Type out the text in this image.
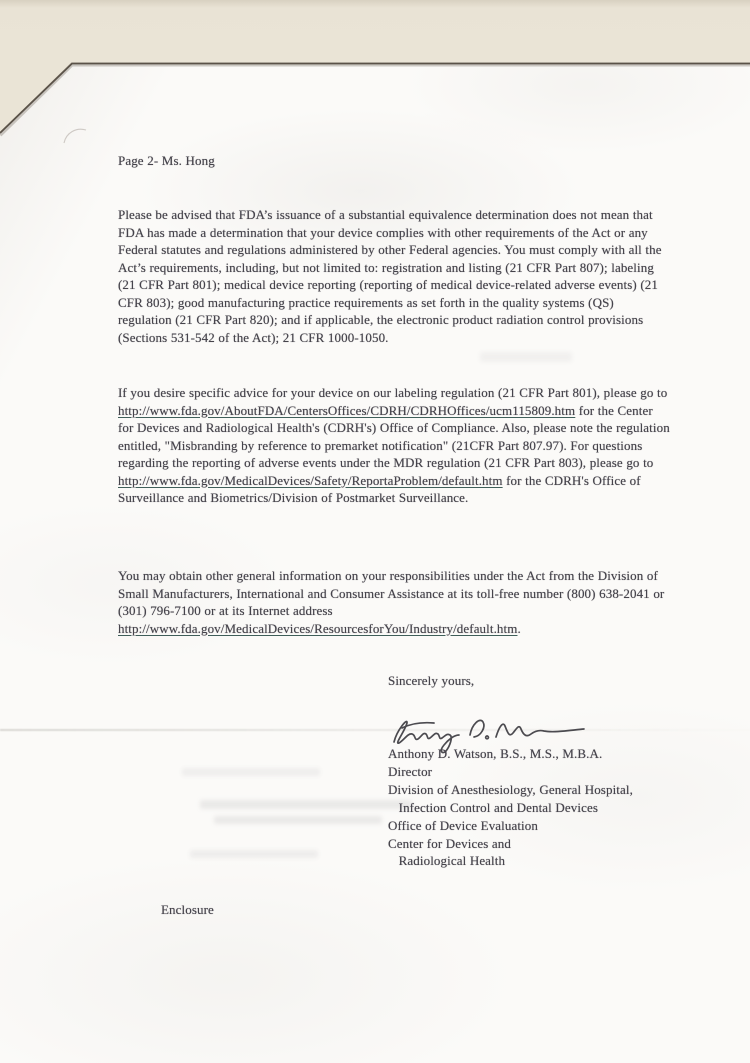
Page 2- Ms. Hong
Please be advised that FDA’s issuance of a substantial equivalence determination does not mean that FDA has made a determination that your device complies with other requirements of the Act or any Federal statutes and regulations administered by other Federal agencies. You must comply with all the Act’s requirements, including, but not limited to: registration and listing (21 CFR Part 807); labeling (21 CFR Part 801); medical device reporting (reporting of medical device-related adverse events) (21 CFR 803); good manufacturing practice requirements as set forth in the quality systems (QS) regulation (21 CFR Part 820); and if applicable, the electronic product radiation control provisions (Sections 531-542 of the Act); 21 CFR 1000-1050.
If you desire specific advice for your device on our labeling regulation (21 CFR Part 801), please go to http://www.fda.gov/AboutFDA/CentersOffices/CDRH/CDRHOffices/ucm115809.htm for the Center for Devices and Radiological Health's (CDRH's) Office of Compliance. Also, please note the regulation entitled, "Misbranding by reference to premarket notification" (21CFR Part 807.97). For questions regarding the reporting of adverse events under the MDR regulation (21 CFR Part 803), please go to http://www.fda.gov/MedicalDevices/Safety/ReportaProblem/default.htm for the CDRH's Office of Surveillance and Biometrics/Division of Postmarket Surveillance.
You may obtain other general information on your responsibilities under the Act from the Division of Small Manufacturers, International and Consumer Assistance at its toll-free number (800) 638-2041 or (301) 796-7100 or at its Internet address http://www.fda.gov/MedicalDevices/ResourcesforYou/Industry/default.htm.
Sincerely yours,
Anthony D. Watson, B.S., M.S., M.B.A.
Director
Division of Anesthesiology, General Hospital,
Infection Control and Dental Devices
Office of Device Evaluation
Center for Devices and
Radiological Health
Enclosure
